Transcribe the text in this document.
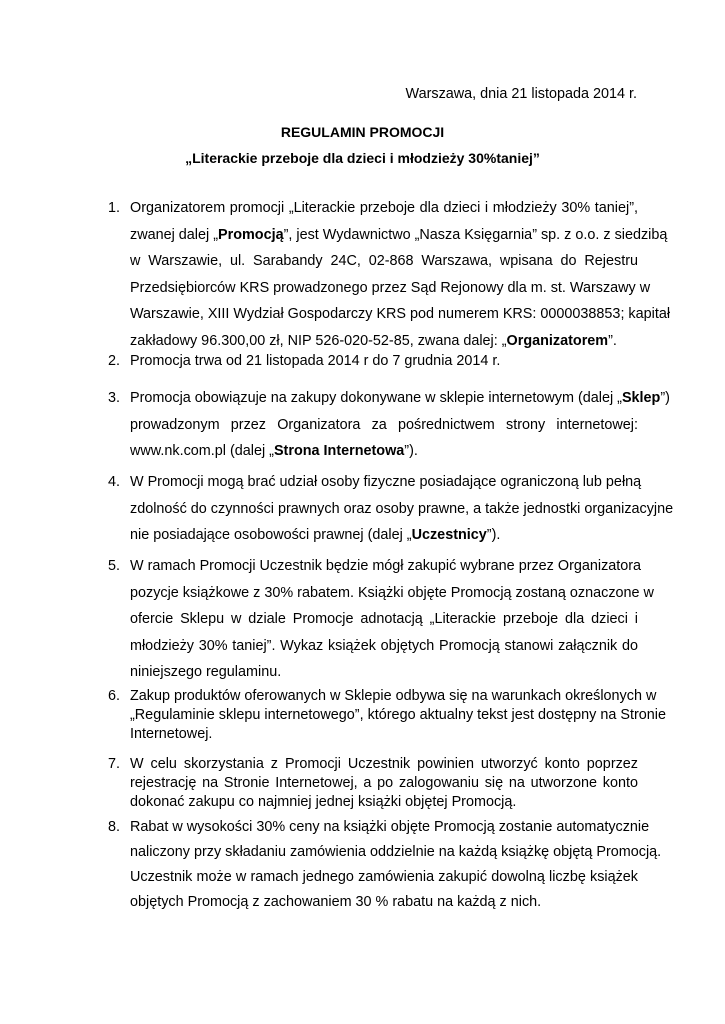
Warszawa, dnia 21 listopada 2014 r.
REGULAMIN PROMOCJI
„Literackie przeboje dla dzieci i młodzieży 30%taniej”
1. Organizatorem promocji „Literackie przeboje dla dzieci i młodzieży 30% taniej”,
zwanej dalej „Promocją”, jest Wydawnictwo „Nasza Księgarnia” sp. z o.o. z siedzibą
w Warszawie, ul. Sarabandy 24C, 02-868 Warszawa, wpisana do Rejestru
Przedsiębiorców KRS prowadzonego przez Sąd Rejonowy dla m. st. Warszawy w
Warszawie, XIII Wydział Gospodarczy KRS pod numerem KRS: 0000038853; kapitał
zakładowy 96.300,00 zł, NIP 526-020-52-85, zwana dalej: „Organizatorem”.
2. Promocja trwa od 21 listopada 2014 r do 7 grudnia 2014 r.
3. Promocja obowiązuje na zakupy dokonywane w sklepie internetowym (dalej „Sklep”)
prowadzonym przez Organizatora za pośrednictwem strony internetowej:
www.nk.com.pl (dalej „Strona Internetowa”).
4. W Promocji mogą brać udział osoby fizyczne posiadające ograniczoną lub pełną
zdolność do czynności prawnych oraz osoby prawne, a także jednostki organizacyjne
nie posiadające osobowości prawnej (dalej „Uczestnicy”).
5. W ramach Promocji Uczestnik będzie mógł zakupić wybrane przez Organizatora
pozycje książkowe z 30% rabatem. Książki objęte Promocją zostaną oznaczone w
ofercie Sklepu w dziale Promocje adnotacją „Literackie przeboje dla dzieci i
młodzieży 30% taniej”. Wykaz książek objętych Promocją stanowi załącznik do
niniejszego regulaminu.
6. Zakup produktów oferowanych w Sklepie odbywa się na warunkach określonych w
„Regulaminie sklepu internetowego”, którego aktualny tekst jest dostępny na Stronie
Internetowej.
7. W celu skorzystania z Promocji Uczestnik powinien utworzyć konto poprzez
rejestrację na Stronie Internetowej, a po zalogowaniu się na utworzone konto
dokonać zakupu co najmniej jednej książki objętej Promocją.
8. Rabat w wysokości 30% ceny na książki objęte Promocją zostanie automatycznie
naliczony przy składaniu zamówienia oddzielnie na każdą książkę objętą Promocją.
Uczestnik może w ramach jednego zamówienia zakupić dowolną liczbę książek
objętych Promocją z zachowaniem 30 % rabatu na każdą z nich.
